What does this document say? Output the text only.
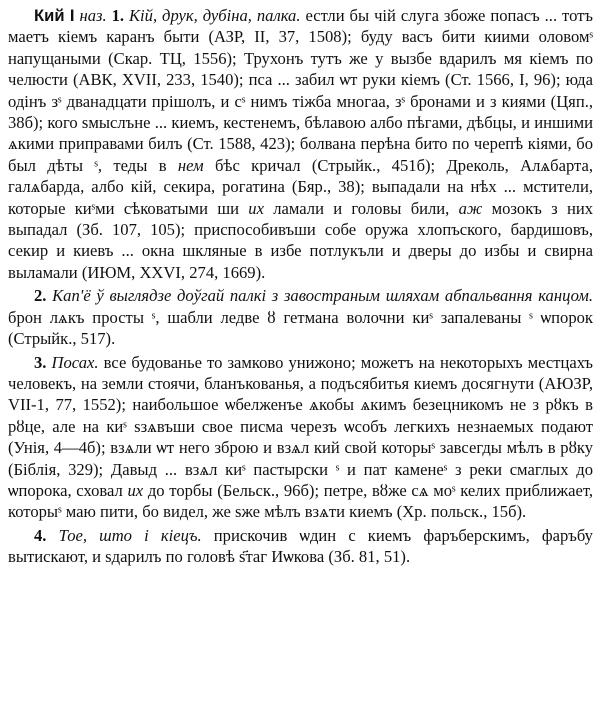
Кий I наз. 1. Кій, друк, дубіна, палка. естли бы чій слуга збоже попасъ ... тотъ маетъ кіемъ каранъ быти (АЗР, II, 37, 1508); буду васъ бити киими оловомˢ напущаными (Скар. ТЦ, 1556); Трухонъ тутъ же у вызбе вдарилъ мя кіемъ по челюсти (АВК, XVII, 233, 1540); пса ... забил ѡт руки кіемъ (Ст. 1566, I, 96); юда одінъ зˢ дванадцати прішолъ, и сˢ нимъ тіжба многаа, зˢ бронами и з киями (Цяп., 38б); кого ѕмыслъне ... киемъ, кестенемъ, бѣлавою албо пѣгами, дѣбцы, и иншими ѧкими приправами билъ (Ст. 1588, 423); болвана перѣна бито по черепѣ кіями, бо был дѣты ˢ, теды в нем бѣс кричал (Стрыйк., 451б); Дреколь, Алѧбарта, галѧбарда, албо кій, секира, рогатина (Бяр., 38); выпадали на нѣх ... мстители, которые киˢми сѣковатыми ши их ламали и головы били, аж мозокъ з них выпадал (Зб. 107, 105); приспособивъши собе оружа хлопъского, бардишовъ, секир и киевъ ... окна шкляные в избе потлукъли и дверы до избы и свирна выламали (ИЮМ, XXVI, 274, 1669).

2. Кап'ё ў выглядзе доўгай палкі з завостраным шляхам абпальвання канцом. брон лѧкъ просты ˢ, шабли ледве ȣ гетмана волочни киˢ запалеваны ˢ ѡпорок (Стрыйк., 517).

3. Посах. все будованье то замково унижоно; можетъ на некоторыхъ местцахъ человекъ, на земли стоячи, бланъкованья, а подъсябитья киемъ досягнути (АЮЗР, VII-1, 77, 1552); наибольшое ѡбелженъе ѧкобы ѧкимъ безецникомъ не з рȣкъ в рȣце, але на киˢ ѕзѧвъши свое писма черезъ ѡсобъ легкихъ незнаемых подают (Унія, 4—4б); взѧли ѡт него зброю и взѧл кий свой которыˢ завсегды мѣлъ в рȣку (Біблія, 329); Давыд ... взѧл киˢ пастырски ˢ и пат каменеˢ з реки смаглых до ѡпорока, сховал их до торбы (Бельск., 96б); петре, вȣже сѧ моˢ келих приближает, которыˢ маю пити, бо видел, же ѕже мѣлъ взѧти киемъ (Хр. польск., 15б).

4. Тое, што і кіецъ. прискочив ѡдин с киемъ фаръберскимъ, фаръбу вытискают, и ѕдарилъ по головѣ ѕ҃таг Иѡкова (Зб. 81, 51).
